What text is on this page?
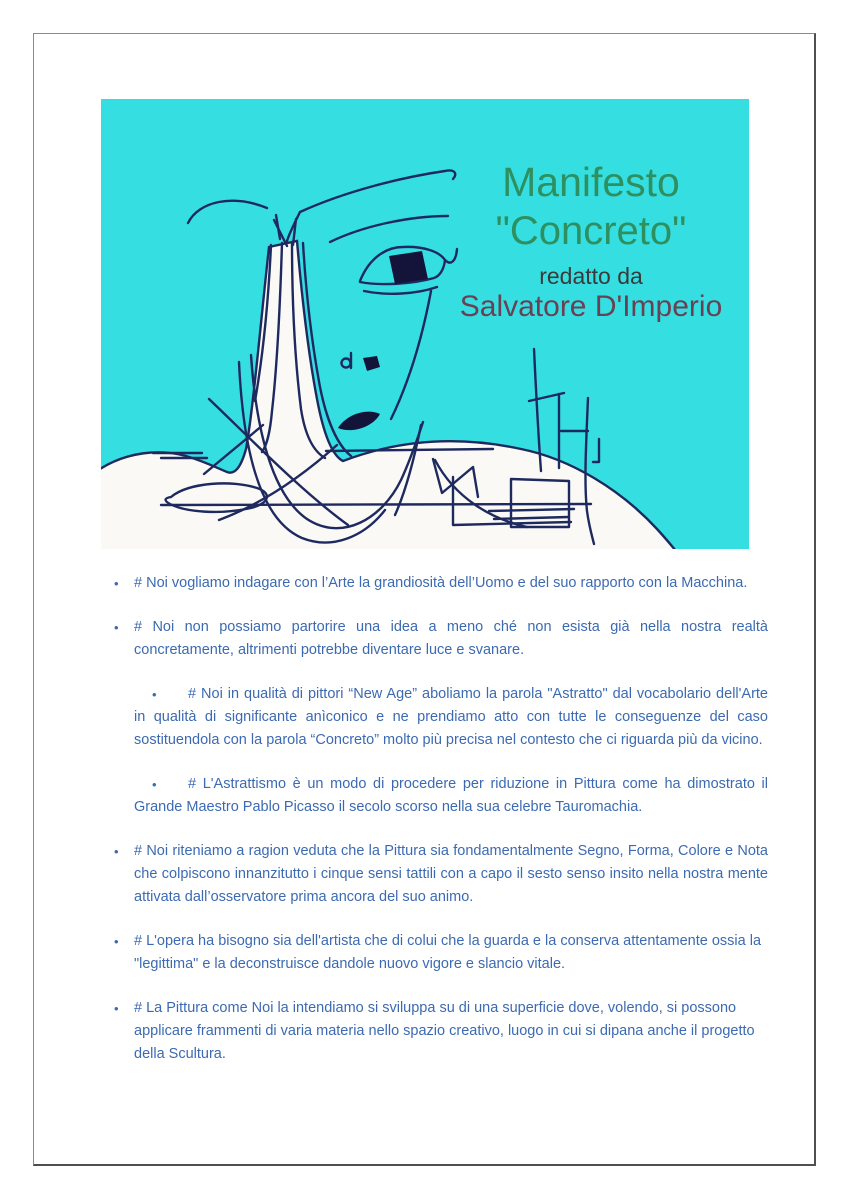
Manifesto
"Concreto"
redatto da
Salvatore D'Imperio
• # Noi vogliamo indagare con l’Arte la grandiosità dell’Uomo e del suo rapporto con la Macchina.
• # Noi non possiamo partorire una idea a meno ché non esista già nella nostra realtà concretamente, altrimenti potrebbe diventare luce e svanare.
• # Noi in qualità di pittori “New Age” aboliamo la parola "Astratto" dal vocabolario dell'Arte in qualità di significante anìconico e ne prendiamo atto con tutte le conseguenze del caso sostituendola con la parola “Concreto” molto più precisa nel contesto che ci riguarda più da vicino.
• # L'Astrattismo è un modo di procedere per riduzione in Pittura come ha dimostrato il Grande Maestro Pablo Picasso il secolo scorso nella sua celebre Tauromachia.
• # Noi riteniamo a ragion veduta che la Pittura sia fondamentalmente Segno, Forma, Colore e Nota che colpiscono innanzitutto i cinque sensi tattili con a capo il sesto senso insito nella nostra mente attivata dall’osservatore prima ancora del suo animo.
• # L'opera ha bisogno sia dell'artista che di colui che la guarda e la conserva attentamente ossia la "legittima" e la deconstruisce dandole nuovo vigore e slancio vitale.
• # La Pittura come Noi la intendiamo si sviluppa su di una superficie dove, volendo, si possono applicare frammenti di varia materia nello spazio creativo, luogo in cui si dipana anche il progetto della Scultura.
